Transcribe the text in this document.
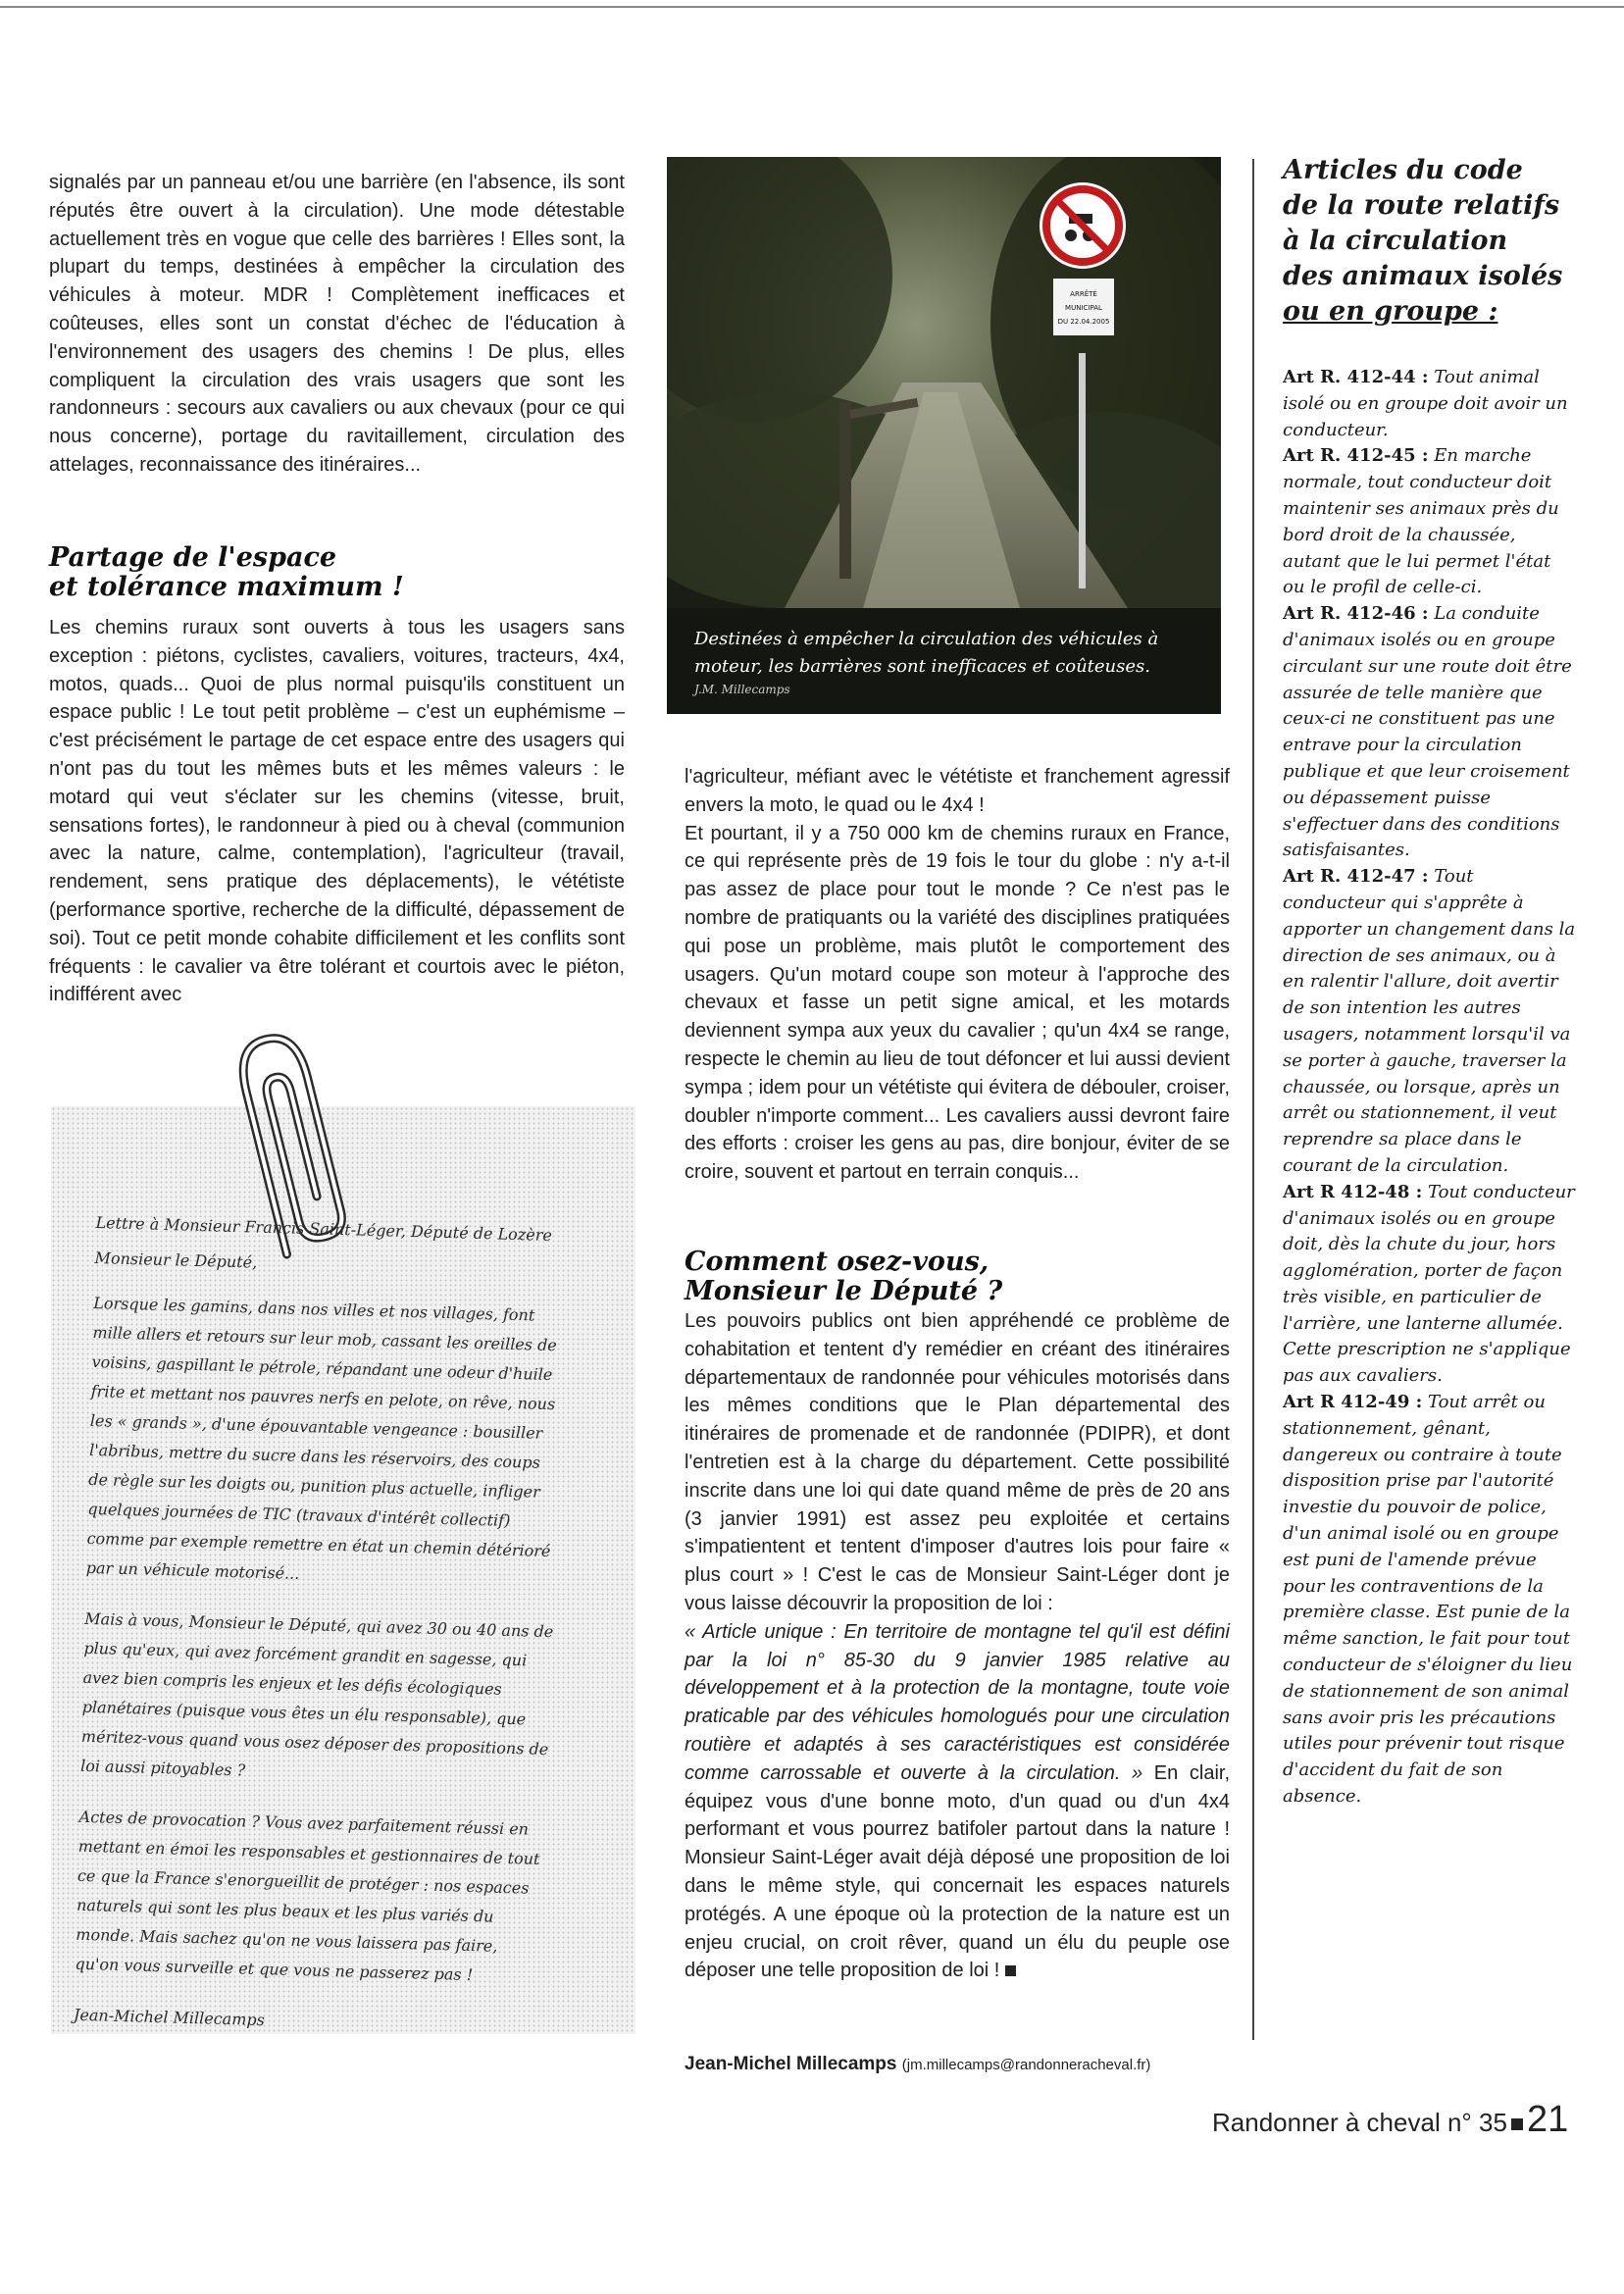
signalés par un panneau et/ou une barrière (en l'absence, ils sont réputés être ouvert à la circulation). Une mode détestable actuellement très en vogue que celle des barrières ! Elles sont, la plupart du temps, destinées à empêcher la circulation des véhicules à moteur. MDR ! Complètement inefficaces et coûteuses, elles sont un constat d'échec de l'éducation à l'environnement des usagers des chemins ! De plus, elles compliquent la circulation des vrais usagers que sont les randonneurs : secours aux cavaliers ou aux chevaux (pour ce qui nous concerne), portage du ravitaillement, circulation des attelages, reconnaissance des itinéraires...

Partage de l'espace
et tolérance maximum !

Les chemins ruraux sont ouverts à tous les usagers sans exception : piétons, cyclistes, cavaliers, voitures, tracteurs, 4x4, motos, quads... Quoi de plus normal puisqu'ils constituent un espace public ! Le tout petit problème – c'est un euphémisme – c'est précisément le partage de cet espace entre des usagers qui n'ont pas du tout les mêmes buts et les mêmes valeurs : le motard qui veut s'éclater sur les chemins (vitesse, bruit, sensations fortes), le randonneur à pied ou à cheval (communion avec la nature, calme, contemplation), l'agriculteur (travail, rendement, sens pratique des déplacements), le vététiste (performance sportive, recherche de la difficulté, dépassement de soi). Tout ce petit monde cohabite difficilement et les conflits sont fréquents : le cavalier va être tolérant et courtois avec le piéton, indifférent avec

ARRÊTÉ
MUNICIPAL
DU 22.04.2005
Destinées à empêcher la circulation des véhicules à moteur, les barrières sont inefficaces et coûteuses.
J.M. Millecamps

l'agriculteur, méfiant avec le vététiste et franchement agressif envers la moto, le quad ou le 4x4 !

Et pourtant, il y a 750 000 km de chemins ruraux en France, ce qui représente près de 19 fois le tour du globe : n'y a-t-il pas assez de place pour tout le monde ? Ce n'est pas le nombre de pratiquants ou la variété des disciplines pratiquées qui pose un problème, mais plutôt le comportement des usagers. Qu'un motard coupe son moteur à l'approche des chevaux et fasse un petit signe amical, et les motards deviennent sympa aux yeux du cavalier ; qu'un 4x4 se range, respecte le chemin au lieu de tout défoncer et lui aussi devient sympa ; idem pour un vététiste qui évitera de débouler, croiser, doubler n'importe comment... Les cavaliers aussi devront faire des efforts : croiser les gens au pas, dire bonjour, éviter de se croire, souvent et partout en terrain conquis...

Comment osez-vous,
Monsieur le Député ?

Les pouvoirs publics ont bien appréhendé ce problème de cohabitation et tentent d'y remédier en créant des itinéraires départementaux de randonnée pour véhicules motorisés dans les mêmes conditions que le Plan départemental des itinéraires de promenade et de randonnée (PDIPR), et dont l'entretien est à la charge du département. Cette possibilité inscrite dans une loi qui date quand même de près de 20 ans (3 janvier 1991) est assez peu exploitée et certains s'impatientent et tentent d'imposer d'autres lois pour faire « plus court » ! C'est le cas de Monsieur Saint-Léger dont je vous laisse découvrir la proposition de loi :

« Article unique : En territoire de montagne tel qu'il est défini par la loi n° 85-30 du 9 janvier 1985 relative au développement et à la protection de la montagne, toute voie praticable par des véhicules homologués pour une circulation routière et adaptés à ses caractéristiques est considérée comme carrossable et ouverte à la circulation. » En clair, équipez vous d'une bonne moto, d'un quad ou d'un 4x4 performant et vous pourrez batifoler partout dans la nature ! Monsieur Saint-Léger avait déjà déposé une proposition de loi dans le même style, qui concernait les espaces naturels protégés. A une époque où la protection de la nature est un enjeu crucial, on croit rêver, quand un élu du peuple ose déposer une telle proposition de loi !

Jean-Michel Millecamps (jm.millecamps@randonneracheval.fr)
Articles du code
de la route relatifs
à la circulation
des animaux isolés
ou en groupe :

Art R. 412-44 : Tout animal isolé ou en groupe doit avoir un conducteur.

Art R. 412-45 : En marche normale, tout conducteur doit maintenir ses animaux près du bord droit de la chaussée, autant que le lui permet l'état ou le profil de celle-ci.

Art R. 412-46 : La conduite d'animaux isolés ou en groupe circulant sur une route doit être assurée de telle manière que ceux-ci ne constituent pas une entrave pour la circulation publique et que leur croisement ou dépassement puisse s'effectuer dans des conditions satisfaisantes.

Art R. 412-47 : Tout conducteur qui s'apprête à apporter un changement dans la direction de ses animaux, ou à en ralentir l'allure, doit avertir de son intention les autres usagers, notamment lorsqu'il va se porter à gauche, traverser la chaussée, ou lorsque, après un arrêt ou stationnement, il veut reprendre sa place dans le courant de la circulation.

Art R 412-48 : Tout conducteur d'animaux isolés ou en groupe doit, dès la chute du jour, hors agglomération, porter de façon très visible, en particulier de l'arrière, une lanterne allumée. Cette prescription ne s'applique pas aux cavaliers.

Art R 412-49 : Tout arrêt ou stationnement, gênant, dangereux ou contraire à toute disposition prise par l'autorité investie du pouvoir de police, d'un animal isolé ou en groupe est puni de l'amende prévue pour les contraventions de la première classe. Est punie de la même sanction, le fait pour tout conducteur de s'éloigner du lieu de stationnement de son animal sans avoir pris les précautions utiles pour prévenir tout risque d'accident du fait de son absence.

Lettre à Monsieur Francis Saint-Léger, Député de Lozère

Monsieur le Député,

Lorsque les gamins, dans nos villes et nos villages, font mille allers et retours sur leur mob, cassant les oreilles de voisins, gaspillant le pétrole, répandant une odeur d'huile frite et mettant nos pauvres nerfs en pelote, on rêve, nous les « grands », d'une épouvantable vengeance : bousiller l'abribus, mettre du sucre dans les réservoirs, des coups de règle sur les doigts ou, punition plus actuelle, infliger quelques journées de TIC (travaux d'intérêt collectif) comme par exemple remettre en état un chemin détérioré par un véhicule motorisé...

Mais à vous, Monsieur le Député, qui avez 30 ou 40 ans de plus qu'eux, qui avez forcément grandit en sagesse, qui avez bien compris les enjeux et les défis écologiques planétaires (puisque vous êtes un élu responsable), que méritez-vous quand vous osez déposer des propositions de loi aussi pitoyables ?

Actes de provocation ? Vous avez parfaitement réussi en mettant en émoi les responsables et gestionnaires de tout ce que la France s'enorgueillit de protéger : nos espaces naturels qui sont les plus beaux et les plus variés du monde. Mais sachez qu'on ne vous laissera pas faire, qu'on vous surveille et que vous ne passerez pas !

Jean-Michel Millecamps

Randonner à cheval n° 35 21
